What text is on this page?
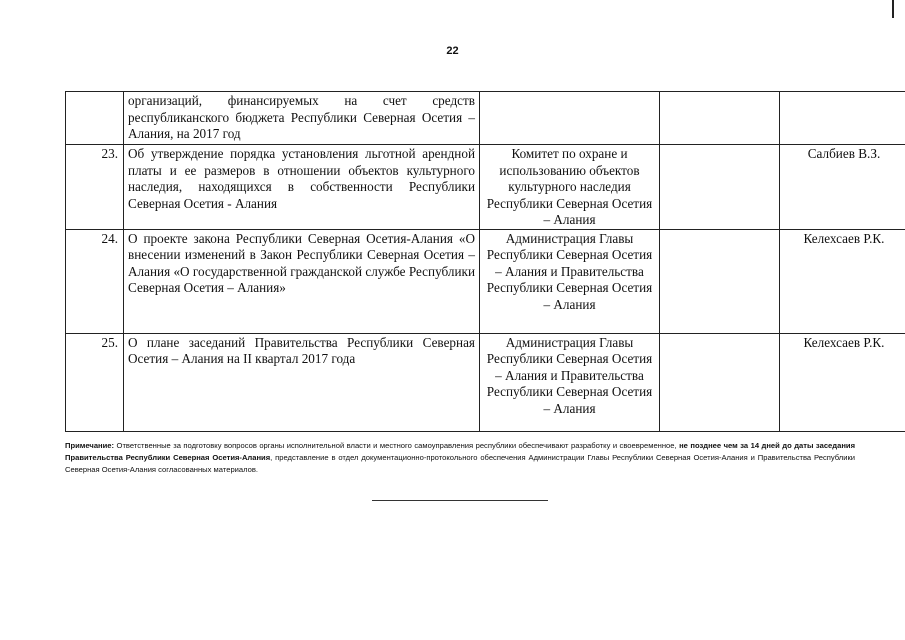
22
	организаций, финансируемых на счет средств республиканского бюджета Республики Северная Осетия – Алания, на 2017 год			
23.	Об утверждение порядка установления льготной арендной платы и ее размеров в отношении объектов культурного наследия, находящихся в собственности Республики Северная Осетия - Алания	Комитет по охране и использованию объектов культурного наследия Республики Северная Осетия – Алания		Салбиев В.З.
24.	О проекте закона Республики Северная Осетия-Алания «О внесении изменений в Закон Республики Северная Осетия – Алания «О государственной гражданской службе Республики Северная Осетия – Алания»	Администрация Главы Республики Северная Осетия – Алания и Правительства Республики Северная Осетия – Алания		Келехсаев Р.К.
25.	О плане заседаний Правительства Республики Северная Осетия – Алания на II квартал 2017 года	Администрация Главы Республики Северная Осетия – Алания и Правительства Республики Северная Осетия – Алания		Келехсаев Р.К.
Примечание: Ответственные за подготовку вопросов органы исполнительной власти и местного самоуправления республики обеспечивают разработку и своевременное, не позднее чем за 14 дней до даты заседания Правительства Республики Северная Осетия-Алания, представление в отдел документационно-протокольного обеспечения Администрации Главы Республики Северная Осетия-Алания и Правительства Республики Северная Осетия-Алания согласованных материалов.
